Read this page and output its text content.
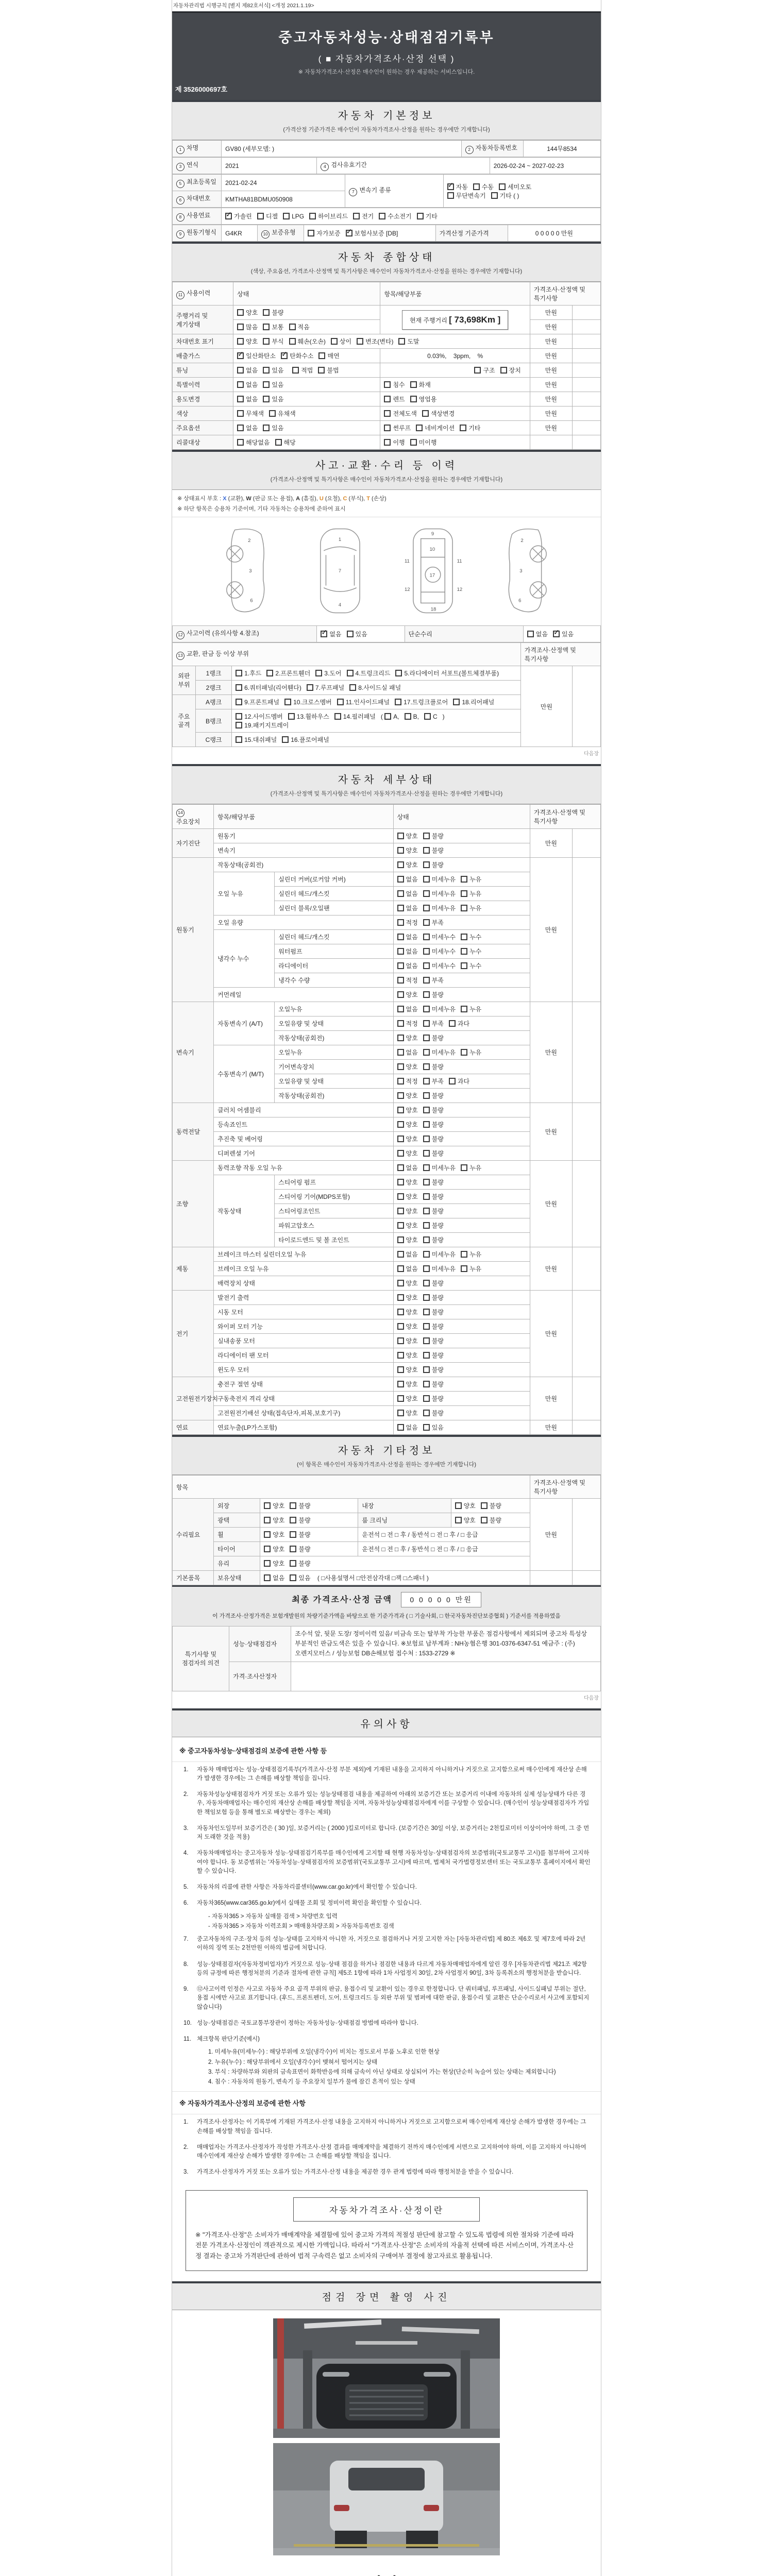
자동차관리법 시행규칙 [별지 제82호서식] <개정 2021.1.19>
중고자동차성능·상태점검기록부
( ■ 자동차가격조사·산정 선택 )
※ 자동차가격조사·산정은 매수인이 원하는 경우 제공하는 서비스입니다.
제 3526000697호
자동차 기본정보
(가격산정 기준가격은 매수인이 자동차가격조사·산정을 원하는 경우에만 기재합니다)
1 차명	GV80 (세부모델: )	2 자동차등록번호	144무8534
3 연식	2021	4 검사유효기간	2026-02-24 ~ 2027-02-23
5 최초등록일	2021-02-24	7 변속기 종류	✓자동 수동 세미오토
무단변속기 기타 ( )
6 차대번호	KMTHA81BDMU050908		
8 사용연료	✓가솔린 디젤 LPG 하이브리드 전기 수소전기 기타
9 원동기형식	G4KR	10 보증유형	자가보증 ✓ 보험사보증 [DB]	가격산정 기준가격	0 0 0 0 0 만원
자동차 종합상태
(색상, 주요옵션, 가격조사·산정액 및 특기사항은 매수인이 자동차가격조사·산정을 원하는 경우에만 기재합니다)
11 사용이력	상태	항목/해당부품	가격조사·산정액 및 특기사항	
주행거리 및 계기상태	양호 불량	현재 주행거리 [ 73,698Km ]	만원	
	많음 보통 적음		만원	
차대번호 표기	양호 부식 훼손(오손) 상이 변조(변타) 도말		만원	
배출가스	✓일산화탄소 ✓ 탄화수소 매연	0.03%, 3ppm, %	만원	
튜닝	없음 있음 적법 불법	구조 장치	만원	
특별이력	없음 있음	침수 화재	만원	
용도변경	없음 있음	렌트 영업용	만원	
색상	무채색 유채색	전체도색 색상변경	만원	
주요옵션	없음 있음	썬루프 네비게이션 기타	만원	
리콜대상	해당없음 해당	이행 미이행		
사고·교환·수리 등 이력
(가격조사·산정액 및 특기사항은 매수인이 자동차가격조사·산정을 원하는 경우에만 기재합니다)
※ 상태표시 부호 : X (교환), W (판금 또는 용접), A (흠집), U (요철), C (부식), T (손상)
※ 하단 항목은 승용차 기준이며, 기타 자동차는 승용차에 준하여 표시
2
3
6
1
7
4
9
10
11	11
12	12
17
18
2
3
6
12 사고이력 (유의사항 4.참조)	✓없음 있음	단순수리	없음 ✓ 있음
13 교환, 판금 등 이상 부위			가격조사·산정액 및 특기사항	
외판부위	1랭크	1.후드 2.프론트휀더 3.도어 4.트렁크리드 5.라디에이터 서포트(볼트체결부품)	만원	
	2랭크	6.쿼터패널(리어휀다) 7.루프패널 8.사이드실 패널		
주요골격	A랭크	9.프론트패널 10.크로스멤버 11.인사이드패널 17.트렁크플로어 18.리어패널		
	B랭크	12.사이드멤버 13.휠하우스 14.필러패널 ( A, B, C )
19.패키지트레이		
	C랭크	15.대쉬패널 16.플로어패널		
다음장
자동차 세부상태
(가격조사·산정액 및 특기사항은 매수인이 자동차가격조사·산정을 원하는 경우에만 기재합니다)
14주요장치	항목/해당부품		상태	가격조사·산정액 및 특기사항	
자기진단	원동기		양호 불량	만원	
	변속기		양호 불량		
원동기	작동상태(공회전)		양호 불량	만원	
	오일 누유	실린더 커버(로커암 커버)	없음 미세누유 누유		
		실린더 헤드/개스킷	없음 미세누유 누유		
		실린더 블록/오일팬	없음 미세누유 누유		
	오일 유량		적정 부족		
	냉각수 누수	실린더 헤드/개스킷	없음 미세누수 누수		
		워터펌프	없음 미세누수 누수		
		라디에이터	없음 미세누수 누수		
		냉각수 수량	적정 부족		
	커먼레일		양호 불량		
변속기	자동변속기 (A/T)	오일누유	없음 미세누유 누유	만원	
		오일유량 및 상태	적정 부족 과다		
		작동상태(공회전)	양호 불량		
	수동변속기 (M/T)	오일누유	없음 미세누유 누유		
		기어변속장치	양호 불량		
		오일유량 및 상태	적정 부족 과다		
		작동상태(공회전)	양호 불량		
동력전달	클러치 어셈블리		양호 불량	만원	
	등속죠인트		양호 불량		
	추진축 및 베어링		양호 불량		
	디퍼렌셜 기어		양호 불량		
조향	동력조향 작동 오일 누유		없음 미세누유 누유	만원	
	작동상태	스티어링 펌프	양호 불량		
		스티어링 기어(MDPS포함)	양호 불량		
		스티어링조인트	양호 불량		
		파워고압호스	양호 불량		
		타이로드엔드 및 볼 조인트	양호 불량		
제동	브레이크 마스터 실린더오일 누유		없음 미세누유 누유	만원	
	브레이크 오일 누유		없음 미세누유 누유		
	배력장치 상태		양호 불량		
전기	발전기 출력		양호 불량	만원	
	시동 모터		양호 불량		
	와이퍼 모터 기능		양호 불량		
	실내송풍 모터		양호 불량		
	라디에이터 팬 모터		양호 불량		
	윈도우 모터		양호 불량		
고전원전기장치	충전구 절연 상태		양호 불량	만원	
	구동축전지 격리 상태		양호 불량		
	고전원전기배선 상태(접속단자,피복,보호기구)		양호 불량		
연료	연료누출(LP가스포함)		없음 있음	만원	
자동차 기타정보
(이 항목은 매수인이 자동차가격조사·산정을 원하는 경우에만 기재합니다)
항목					가격조사·산정액 및 특기사항	
수리필요	외장	양호 불량	내장	양호 불량	만원	
	광택	양호 불량	룸 크리닝	양호 불량		
	휠	양호 불량	운전석 □ 전 □ 후 / 동반석 □ 전 □ 후 / □ 응급			
	타이어	양호 불량	운전석 □ 전 □ 후 / 동반석 □ 전 □ 후 / □ 응급			
	유리	양호 불량				
기본품목	보유상태	없음 있음 ( □사용설명서 □안전삼각대 □잭 □스패너 )				
최종 가격조사·산정 금액 0 0 0 0 0 만원
이 가격조사·산정가격은 보험개발원의 차량기준가액을 바탕으로 한 기준가격과 ( □ 기술사회, □ 한국자동차진단보증협회 ) 기준서를 적용하였음
특기사항 및 점검자의 의견	성능·상태점검자	조수석 앞, 뒷문 도장/ 정비이력 있음/ 비금속 또는 탈부착 가능한 부품은 점검사항에서 제외되며 중고차 특성상 부분적인 판금도색은 있을 수 있습니다. ※보험료 납부계좌 : NH농협은행 301-0376-6347-51 예금주 : (주)오렌지모터스 / 성능보험 DB손해보험 접수처 : 1533-2729 ※
	가격·조사산정자	
다음장
유의사항
※ 중고자동차성능·상태점검의 보증에 관한 사항 등
1.	자동차 매매업자는 성능·상태점검기록부(가격조사·산정 부분 제외)에 기재된 내용을 고지하지 아니하거나 거짓으로 고지함으로써 매수인에게 재산상 손해가 발생한 경우에는 그 손해를 배상할 책임을 집니다.
2.	자동차성능상태점검자가 거짓 또는 오류가 있는 성능상태점검 내용을 제공하여 아래의 보증기간 또는 보증거리 이내에 자동차의 실제 성능상태가 다른 경우, 자동차매매업자는 매수인의 재산상 손해를 배상할 책임을 지며, 자동차성능상태점검자에게 이를 구상할 수 있습니다. (매수인이 성능상태점검자가 가입한 책임보험 등을 통해 별도로 배상받는 경우는 제외)
3.	자동차인도일부터 보증기간은 ( 30 )일, 보증거리는 ( 2000 )킬로미터로 합니다. (보증기간은 30일 이상, 보증거리는 2천킬로미터 이상이어야 하며, 그 중 먼저 도래한 것을 적용)
4.	자동차매매업자는 중고자동차 성능·상태점검기록부를 매수인에게 고지할 때 현행 자동차성능·상태점검자의 보증범위(국토교통부 고시)를 첨부하여 고지하여야 합니다. 동 보증범위는 '자동차성능·상태점검자의 보증범위'(국토교통부 고시)에 따르며, 법제처 국가법령정보센터 또는 국토교통부 홈페이지에서 확인할 수 있습니다.
5.	자동차의 리콜에 관한 사항은 자동차리콜센터(www.car.go.kr)에서 확인할 수 있습니다.
6.	자동차365(www.car365.go.kr)에서 실매물 조회 및 정비이력 확인을 확인할 수 있습니다.
- 자동차365 > 자동차 실매물 검색 > 차량번호 입력
- 자동차365 > 자동차 이력조회 > 매매용차량조회 > 자동차등록번호 검색
7.	중고자동차의 구조·장치 등의 성능·상태를 고지하지 아니한 자, 거짓으로 점검하거나 거짓 고지한 자는 [자동차관리법] 제 80조 제6호 및 제7호에 따라 2년 이하의 징역 또는 2천만원 이하의 벌금에 처합니다.
8.	성능·상태점검자(자동차정비업자)가 거짓으로 성능·상태 점검을 하거나 점검한 내용과 다르게 자동차매매업자에게 알린 경우 [자동차관리법 제21조 제2항 등의 규정에 따른 행정처분의 기준과 절차에 관한 규칙] 제5조 1항에 따라 1차 사업정지 30일, 2차 사업정지 90일, 3차 등록취소의 행정처분을 받습니다.
9.	⑫사고이력 인정은 사고로 자동차 주요 골격 부위의 판금, 용접수리 및 교환이 있는 경우로 한정합니다. 단 쿼터패널, 루프패널, 사이드실패널 부위는 절단, 용접 시에만 사고로 표기합니다. (후드, 프론트펜더, 도어, 트렁크리드 등 외판 부위 및 범퍼에 대한 판금, 용접수리 및 교환은 단순수리로서 사고에 포함되지 않습니다)
10. 성능·상태점검은 국토교통부장관이 정하는 자동차성능·상태점검 방법에 따라야 합니다.
11. 체크항목 판단기준(예시)
1. 미세누유(미세누수) : 해당부위에 오일(냉각수)이 비치는 정도로서 부품 노후로 인한 현상
2. 누유(누수) : 해당부위에서 오일(냉각수)이 맺혀서 떨어지는 상태
3. 부식 : 차량하부와 외판의 금속표면이 화학반응에 의해 금속이 아닌 상태로 상실되어 가는 현상(단순히 녹슬어 있는 상태는 제외합니다)
4. 침수 : 자동차의 원동기, 변속기 등 주요장치 일부가 물에 잠긴 흔적이 있는 상태
※ 자동차가격조사·산정의 보증에 관한 사항
1.	가격조사·산정자는 이 기록부에 기재된 가격조사·산정 내용을 고지하지 아니하거나 거짓으로 고지함으로써 매수인에게 재산상 손해가 발생한 경우에는 그 손해를 배상할 책임을 집니다.
2.	매매업자는 가격조사·산정자가 작성한 가격조사·산정 결과를 매매계약을 체결하기 전까지 매수인에게 서면으로 고지하여야 하며, 이를 고지하지 아니하여 매수인에게 재산상 손해가 발생한 경우에는 그 손해를 배상할 책임을 집니다.
3.	가격조사·산정자가 거짓 또는 오류가 있는 가격조사·산정 내용을 제공한 경우 관계 법령에 따라 행정처분을 받을 수 있습니다.
자동차가격조사·산정이란
※ "가격조사·산정"은 소비자가 매매계약을 체결함에 있어 중고차 가격의 적절성 판단에 참고할 수 있도록 법령에 의한 절차와 기준에 따라 전문 가격조사·산정인이 객관적으로 제시한 가액입니다. 따라서 "가격조사·산정"은 소비자의 자율적 선택에 따른 서비스이며, 가격조사·산정 결과는 중고차 가격판단에 관하여 법적 구속력은 없고 소비자의 구매여부 결정에 참고자료로 활용됩니다.
점검 장면 촬영 사진
